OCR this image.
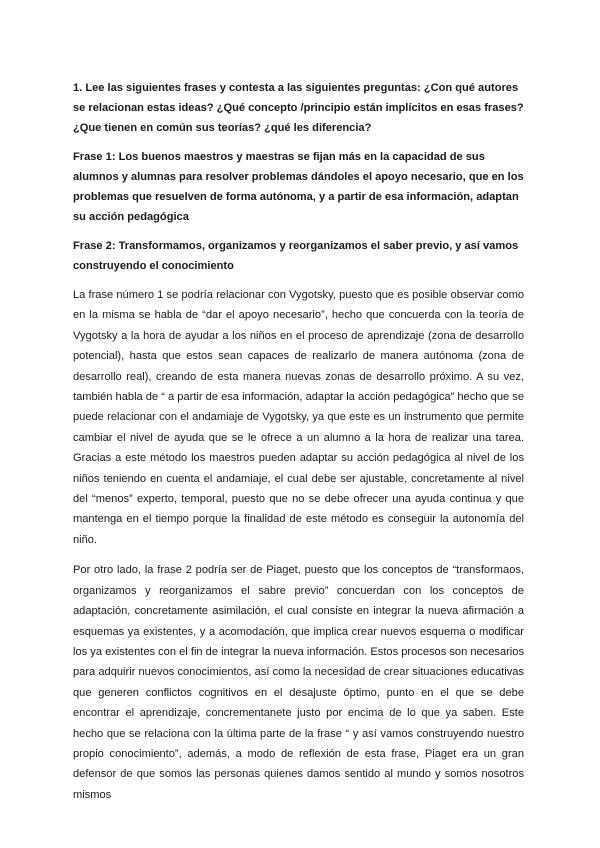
1. Lee las siguientes frases y contesta a las siguientes preguntas: ¿Con qué autores se relacionan estas ideas? ¿Qué concepto /principio están implícitos en esas frases? ¿Que tienen en común sus teorías? ¿qué les diferencia?

Frase 1: Los buenos maestros y maestras se fijan más en la capacidad de sus alumnos y alumnas para resolver problemas dándoles el apoyo necesario, que en los problemas que resuelven de forma autónoma, y a partir de esa información, adaptan su acción pedagógica

Frase 2: Transformamos, organizamos y reorganizamos el saber previo, y así vamos construyendo el conocimiento

La frase número 1 se podría relacionar con Vygotsky, puesto que es posible observar como en la misma se habla de “dar el apoyo necesario”, hecho que concuerda con la teoría de Vygotsky a la hora de ayudar a los niños en el proceso de aprendizaje (zona de desarrollo potencial), hasta que estos sean capaces de realizarlo de manera autónoma (zona de desarrollo real), creando de esta manera nuevas zonas de desarrollo próximo. A su vez, también habla de “ a partir de esa información, adaptar la acción pedagógica” hecho que se puede relacionar con el andamiaje de Vygotsky, ya que este es un instrumento que permite cambiar el nivel de ayuda que se le ofrece a un alumno a la hora de realizar una tarea. Gracias a este método los maestros pueden adaptar su acción pedagógica al nivel de los niños teniendo en cuenta el andamiaje, el cual debe ser ajustable, concretamente al nivel del “menos” experto, temporal, puesto que no se debe ofrecer una ayuda continua y que mantenga en el tiempo porque la finalidad de este método es conseguir la autonomía del niño.

Por otro lado, la frase 2 podría ser de Piaget, puesto que los conceptos de “transformaos, organizamos y reorganizamos el sabre previo” concuerdan con los conceptos de adaptación, concretamente asimilación, el cual consiste en integrar la nueva afirmación a esquemas ya existentes, y a acomodación, que implica crear nuevos esquema o modificar los ya existentes con el fin de integrar la nueva información. Estos procesos son necesarios para adquirir nuevos conocimientos, así como la necesidad de crear situaciones educativas que generen conflictos cognitivos en el desajuste óptimo, punto en el que se debe encontrar el aprendizaje, concrementanete justo por encima de lo que ya saben. Este hecho que se relaciona con la última parte de la frase “ y así vamos construyendo nuestro propio conocimiento”, además, a modo de reflexión de esta frase, Piaget era un gran defensor de que somos las personas quienes damos sentido al mundo y somos nosotros mismos
